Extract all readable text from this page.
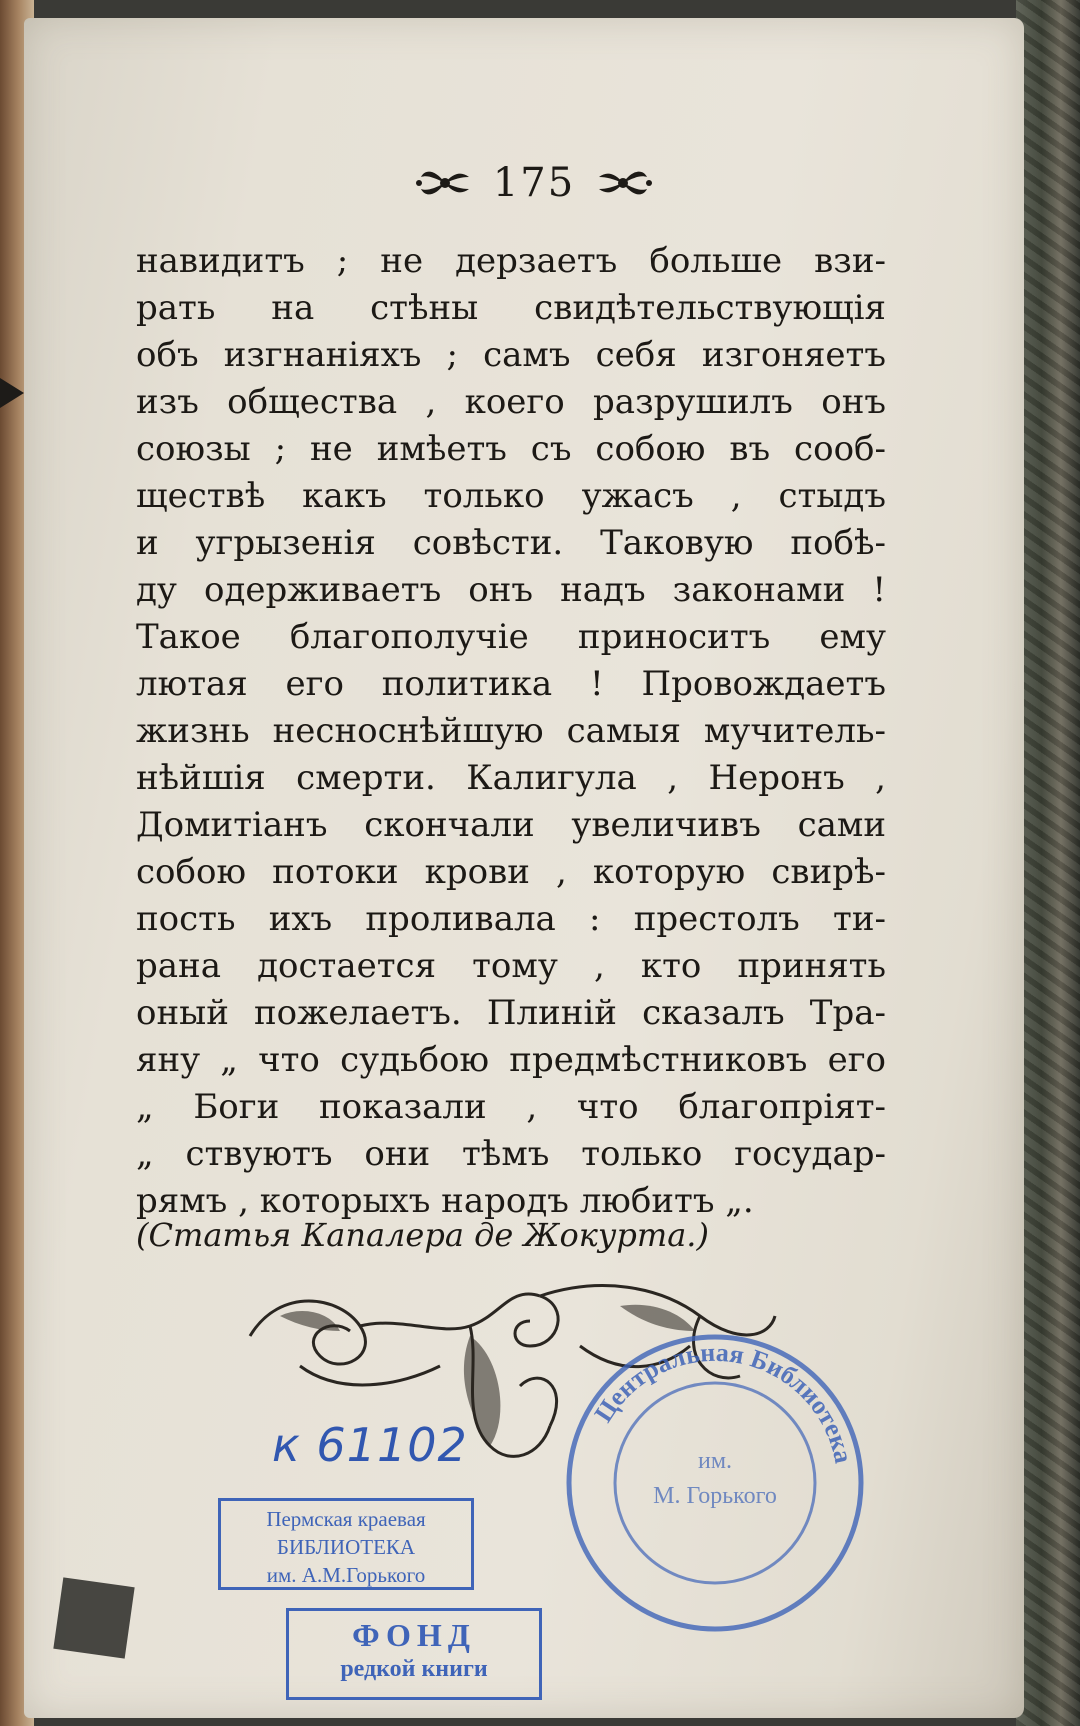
175
навидитъ ; не дерзаетъ больше взи-
рать на стѣны свидѣтельствующія
объ изгнаніяхъ ; самъ себя изгоняетъ
изъ общества , коего разрушилъ онъ
союзы ; не имѣетъ съ собою въ сооб-
ществѣ какъ только ужасъ , стыдъ
и угрызенія совѣсти. Таковую побѣ-
ду одерживаетъ онъ надъ законами !
Такое благополучіе приноситъ ему
лютая его политика ! Провождаетъ
жизнь несноснѣйшую самыя мучитель-
нѣйшія смерти. Калигула , Неронъ ,
Домитіанъ скончали увеличивъ сами
собою потоки крови , которую свирѣ-
пость ихъ проливала : престолъ ти-
рана достается тому , кто принять
оный пожелаетъ. Плиній сказалъ Тра-
яну „ что судьбою предмѣстниковъ его
„ Боги показали , что благопріят-
„ ствуютъ они тѣмъ только государ-
рямъ , которыхъ народъ любитъ „.
(Статья Капалера де Жокурта.)
к 61102
Пермская краевая
БИБЛИОТЕКА
им. А.М.Горького
ФОНД
редкой книги
Центральная Библиотека
им.
М. Горького
